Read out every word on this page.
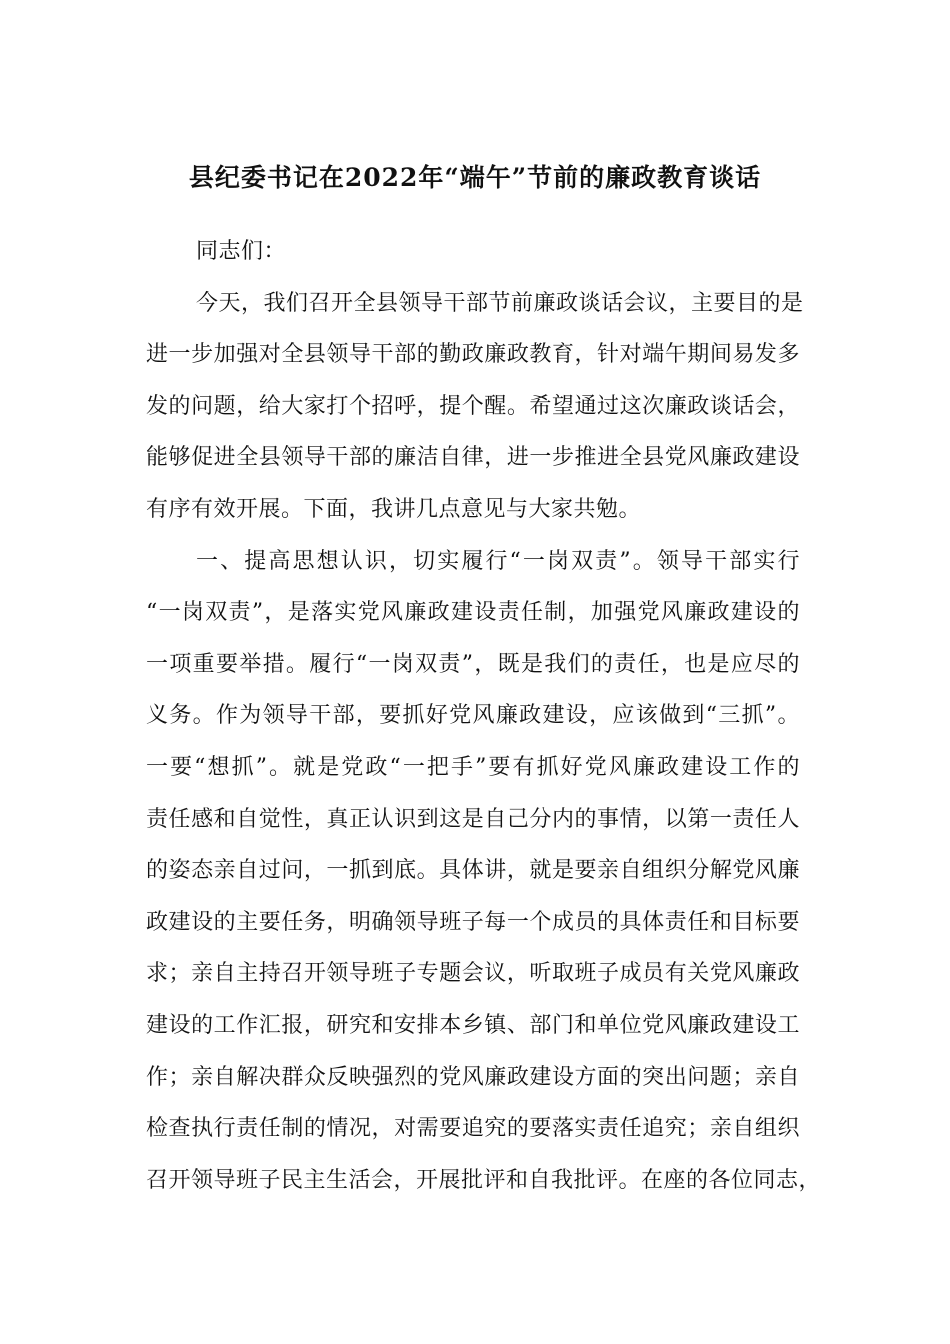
县纪委书记在2022年“端午”节前的廉政教育谈话
同志们：
今天，我们召开全县领导干部节前廉政谈话会议，主要目的是
进一步加强对全县领导干部的勤政廉政教育，针对端午期间易发多
发的问题，给大家打个招呼，提个醒。希望通过这次廉政谈话会，
能够促进全县领导干部的廉洁自律，进一步推进全县党风廉政建设
有序有效开展。下面，我讲几点意见与大家共勉。
一、提高思想认识，切实履行“一岗双责”。领导干部实行
“一岗双责”，是落实党风廉政建设责任制，加强党风廉政建设的
一项重要举措。履行“一岗双责”，既是我们的责任，也是应尽的
义务。作为领导干部，要抓好党风廉政建设，应该做到“三抓”。
一要“想抓”。就是党政“一把手”要有抓好党风廉政建设工作的
责任感和自觉性，真正认识到这是自己分内的事情，以第一责任人
的姿态亲自过问，一抓到底。具体讲，就是要亲自组织分解党风廉
政建设的主要任务，明确领导班子每一个成员的具体责任和目标要
求；亲自主持召开领导班子专题会议，听取班子成员有关党风廉政
建设的工作汇报，研究和安排本乡镇、部门和单位党风廉政建设工
作；亲自解决群众反映强烈的党风廉政建设方面的突出问题；亲自
检查执行责任制的情况，对需要追究的要落实责任追究；亲自组织
召开领导班子民主生活会，开展批评和自我批评。在座的各位同志，
